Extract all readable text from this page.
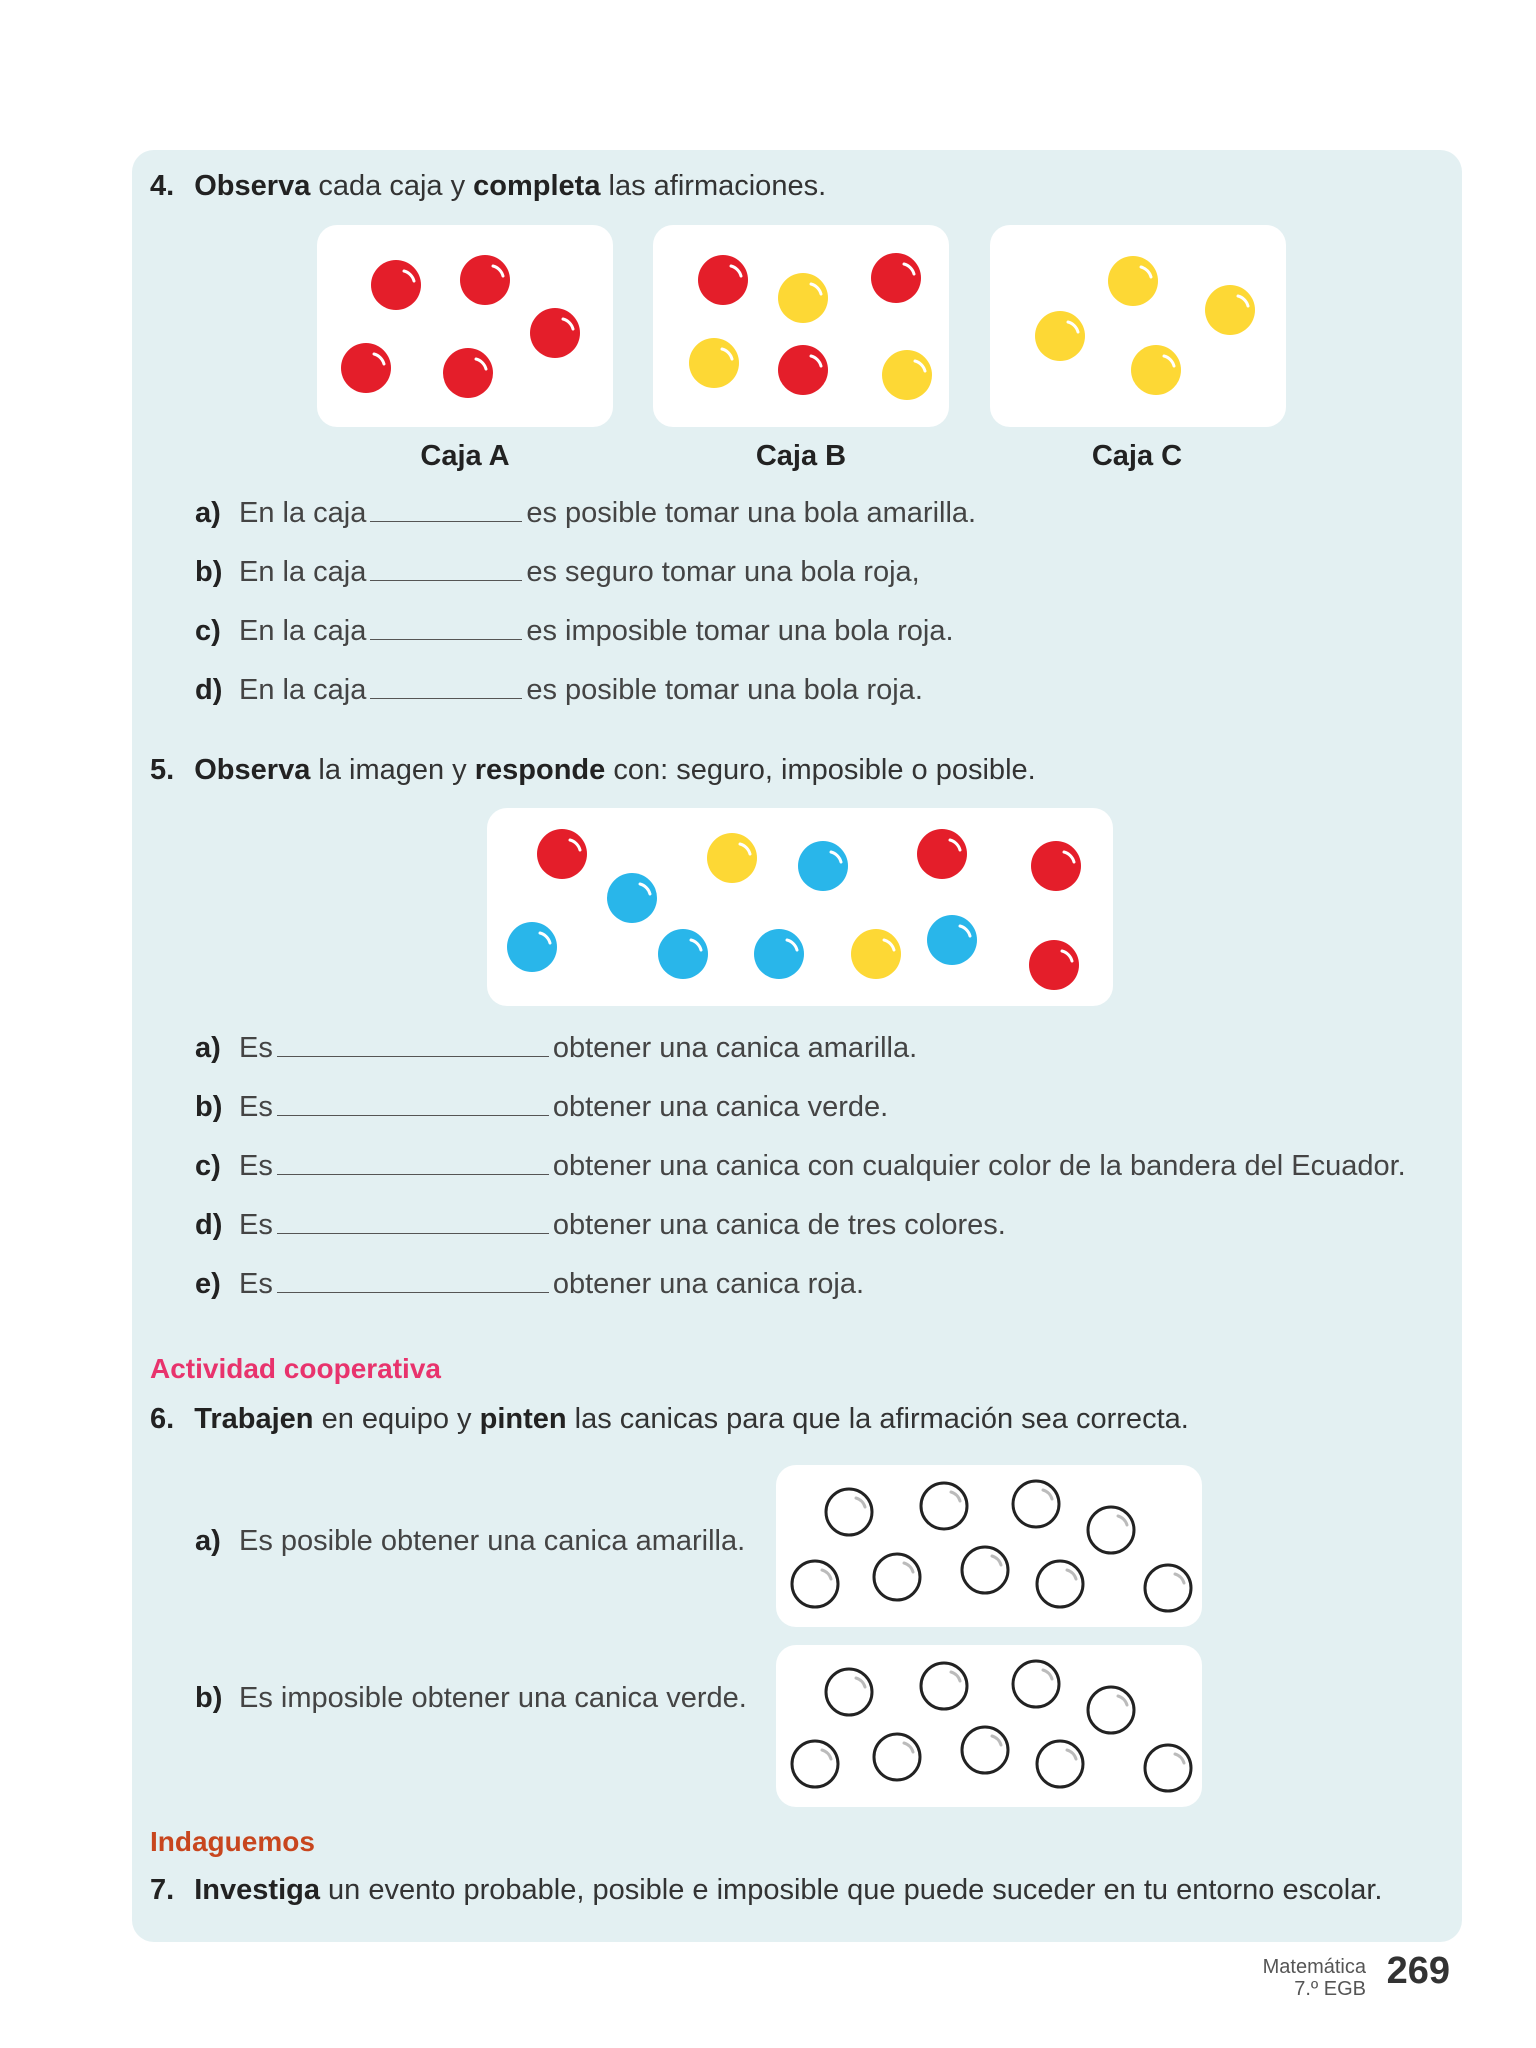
4. Observa cada caja y completa las afirmaciones.
Caja A	Caja B	Caja C
a) En la caja	es posible tomar una bola amarilla.
b) En la caja	es seguro tomar una bola roja,
c) En la caja	es imposible tomar una bola roja.
d) En la caja	es posible tomar una bola roja.
5. Observa la imagen y responde con: seguro, imposible o posible.
a) Es	obtener una canica amarilla.
b) Es	obtener una canica verde.
c) Es	obtener una canica con cualquier color de la bandera del Ecuador.
d) Es	obtener una canica de tres colores.
e) Es	obtener una canica roja.
Actividad cooperativa
6. Trabajen en equipo y pinten las canicas para que la afirmación sea correcta.
a) Es posible obtener una canica amarilla.
b) Es imposible obtener una canica verde.
Indaguemos
7. Investiga un evento probable, posible e imposible que puede suceder en tu entorno escolar.
Matemática
7.º EGB 269
